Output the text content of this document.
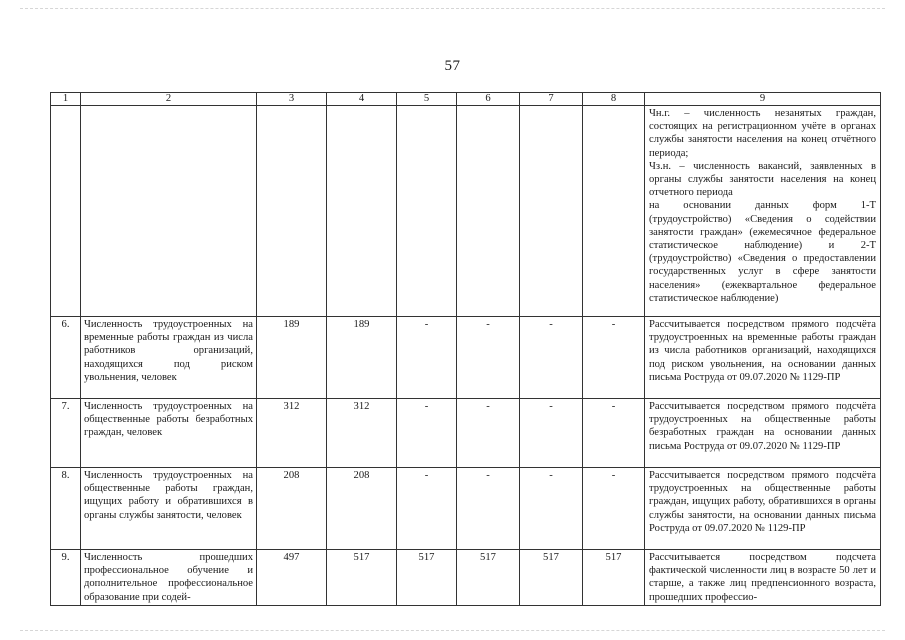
57
1	2	3	4	5	6	7	8	9

								Чн.г. – численность незанятых граждан, состоящих на регистрационном учёте в органах службы занятости населения на конец отчётного периода;
Чз.н. – численность вакансий, заявленных в органы службы занятости населения на конец отчетного периода
на основании данных форм 1-Т (трудоустройство) «Сведения о содействии занятости граждан» (ежемесячное федеральное статистическое наблюдение) и 2-Т (трудоустройство) «Сведения о предоставлении государственных услуг в сфере занятости населения» (ежеквартальное федеральное статистическое наблюдение)

6.	Численность трудоустроенных на временные работы граждан из числа работников организаций, находящихся под риском увольнения, человек	189	189	-	-	-	-	Рассчитывается посредством прямого подсчёта трудоустроенных на временные работы граждан из числа работников организаций, находящихся под риском увольнения, на основании данных письма Роструда от 09.07.2020 № 1129-ПР
7.	Численность трудоустроенных на общественные работы безработных граждан, человек	312	312	-	-	-	-	Рассчитывается посредством прямого подсчёта трудоустроенных на общественные работы безработных граждан на основании данных письма Роструда от 09.07.2020 № 1129-ПР
8.	Численность трудоустроенных на общественные работы граждан, ищущих работу и обратившихся в органы службы занятости, человек	208	208	-	-	-	-	Рассчитывается посредством прямого подсчёта трудоустроенных на общественные работы граждан, ищущих работу, обратившихся в органы службы занятости, на основании данных письма Роструда от 09.07.2020 № 1129-ПР
9.	Численность прошедших профессиональное обучение и дополнительное профессиональное образование при содей-	497	517	517	517	517	517	Рассчитывается посредством подсчета фактической численности лиц в возрасте 50 лет и старше, а также лиц предпенсионного возраста, прошедших профессио-
